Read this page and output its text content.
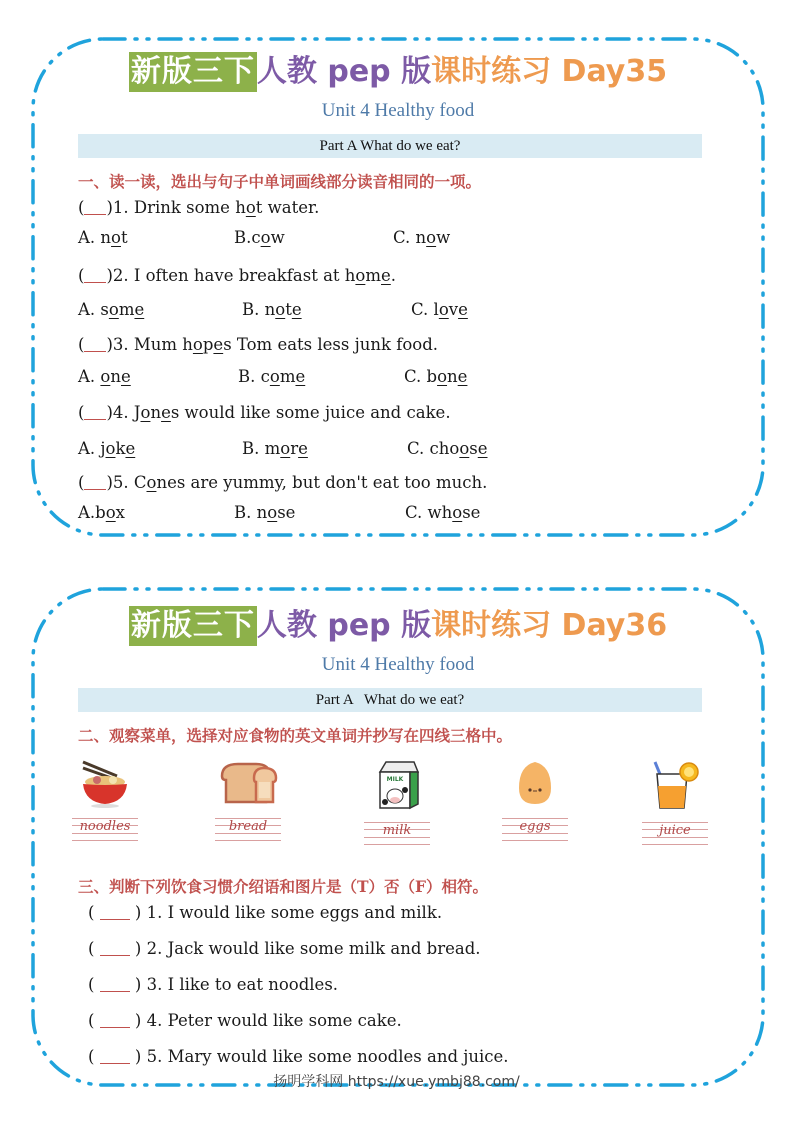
新版三下人教 pep 版课时练习 Day35
Unit 4 Healthy food
Part A What do we eat?
一、读一读，选出与句子中单词画线部分读音相同的一项。
( )1. Drink some hot water.
A. not	B.cow	C. now
( )2. I often have breakfast at home.
A. some	B. note	C. love
( )3. Mum hopes Tom eats less junk food.
A. one	B. come	C. bone
( )4. Jones would like some juice and cake.
A. joke	B. more	C. choose
( )5. Cones are yummy, but don't eat too much.
A.box	B. nose	C. whose
新版三下人教 pep 版课时练习 Day36
Unit 4 Healthy food
Part A   What do we eat?
二、观察菜单，选择对应食物的英文单词并抄写在四线三格中。
noodles	bread
MILK
milk	eggs	juice
三、判断下列饮食习惯介绍语和图片是（T）否（F）相符。
(  ) 1. I would like some eggs and milk.
(  ) 2. Jack would like some milk and bread.
(  ) 3. I like to eat noodles.
(  ) 4. Peter would like some cake.
(  ) 5. Mary would like some noodles and juice.
扬明学科网 https://xue.ymbj88.com/
